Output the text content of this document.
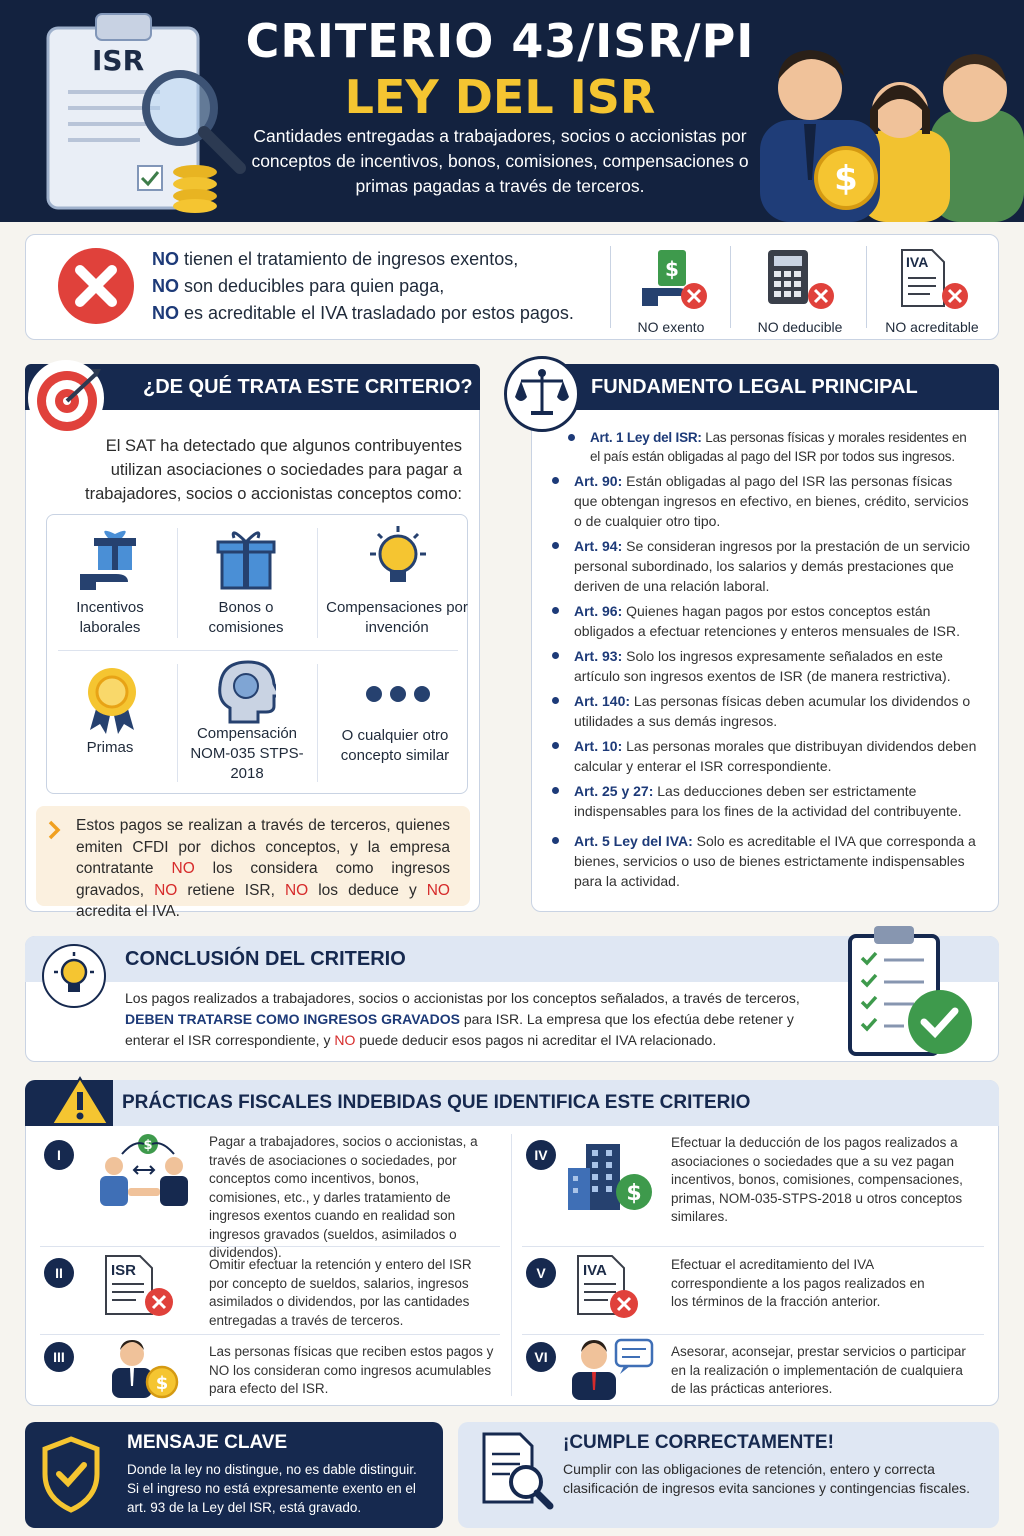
ISR	CRITERIO 43/ISR/PI
LEY DEL ISR
Cantidades entregadas a trabajadores, socios o accionistas por conceptos de incentivos, bonos, comisiones, compensaciones o primas pagadas a través de terceros.	$
NO tienen el tratamiento de ingresos exentos,
NO son deducibles para quien paga,
NO es acreditable el IVA trasladado por estos pagos.
$
NO exento	NO deducible
IVA
NO acreditable
¿DE QUÉ TRATA ESTE CRITERIO?
El SAT ha detectado que algunos contribuyentes utilizan asociaciones o sociedades para pagar a trabajadores, socios o accionistas conceptos como:
Incentivos laborales
Bonos o comisiones
Compensaciones por invención
Primas
Compensación NOM-035 STPS-2018
O cualquier otro concepto similar
Estos pagos se realizan a través de terceros, quienes emiten CFDI por dichos conceptos, y la empresa contratante NO los considera como ingresos gravados, NO retiene ISR, NO los deduce y NO acredita el IVA.
FUNDAMENTO LEGAL PRINCIPAL
Art. 1 Ley del ISR: Las personas físicas y morales residentes en el país están obligadas al pago del ISR por todos sus ingresos.
Art. 90: Están obligadas al pago del ISR las personas físicas que obtengan ingresos en efectivo, en bienes, crédito, servicios o de cualquier otro tipo.
Art. 94: Se consideran ingresos por la prestación de un servicio personal subordinado, los salarios y demás prestaciones que deriven de una relación laboral.
Art. 96: Quienes hagan pagos por estos conceptos están obligados a efectuar retenciones y enteros mensuales de ISR.
Art. 93: Solo los ingresos expresamente señalados en este artículo son ingresos exentos de ISR (de manera restrictiva).
Art. 140: Las personas físicas deben acumular los dividendos o utilidades a sus demás ingresos.
Art. 10: Las personas morales que distribuyan dividendos deben calcular y enterar el ISR correspondiente.
Art. 25 y 27: Las deducciones deben ser estrictamente indispensables para los fines de la actividad del contribuyente.
Art. 5 Ley del IVA: Solo es acreditable el IVA que corresponda a bienes, servicios o uso de bienes estrictamente indispensables para la actividad.
CONCLUSIÓN DEL CRITERIO
Los pagos realizados a trabajadores, socios o accionistas por los conceptos señalados, a través de terceros, DEBEN TRATARSE COMO INGRESOS GRAVADOS para ISR. La empresa que los efectúa debe retener y enterar el ISR correspondiente, y NO puede deducir esos pagos ni acreditar el IVA relacionado.
PRÁCTICAS FISCALES INDEBIDAS QUE IDENTIFICA ESTE CRITERIO
I
$	Pagar a trabajadores, socios o accionistas, a través de asociaciones o sociedades, por conceptos como incentivos, bonos, comisiones, etc., y darles tratamiento de ingresos exentos cuando en realidad son ingresos gravados (sueldos, asimilados o dividendos).
II	ISR	Omitir efectuar la retención y entero del ISR por concepto de sueldos, salarios, ingresos asimilados o dividendos, por las cantidades entregadas a través de terceros.
III
$
Las personas físicas que reciben estos pagos y NO los consideran como ingresos acumulables para efecto del ISR.
IV
$
Efectuar la deducción de los pagos realizados a asociaciones o sociedades que a su vez pagan incentivos, bonos, comisiones, compensaciones, primas, NOM-035-STPS-2018 u otros conceptos similares.
V	IVA	Efectuar el acreditamiento del IVA correspondiente a los pagos realizados en los términos de la fracción anterior.
VI	Asesorar, aconsejar, prestar servicios o participar en la realización o implementación de cualquiera de las prácticas anteriores.
MENSAJE CLAVE
Donde la ley no distingue, no es dable distinguir. Si el ingreso no está expresamente exento en el art. 93 de la Ley del ISR, está gravado.
¡CUMPLE CORRECTAMENTE!
Cumplir con las obligaciones de retención, entero y correcta clasificación de ingresos evita sanciones y contingencias fiscales.
